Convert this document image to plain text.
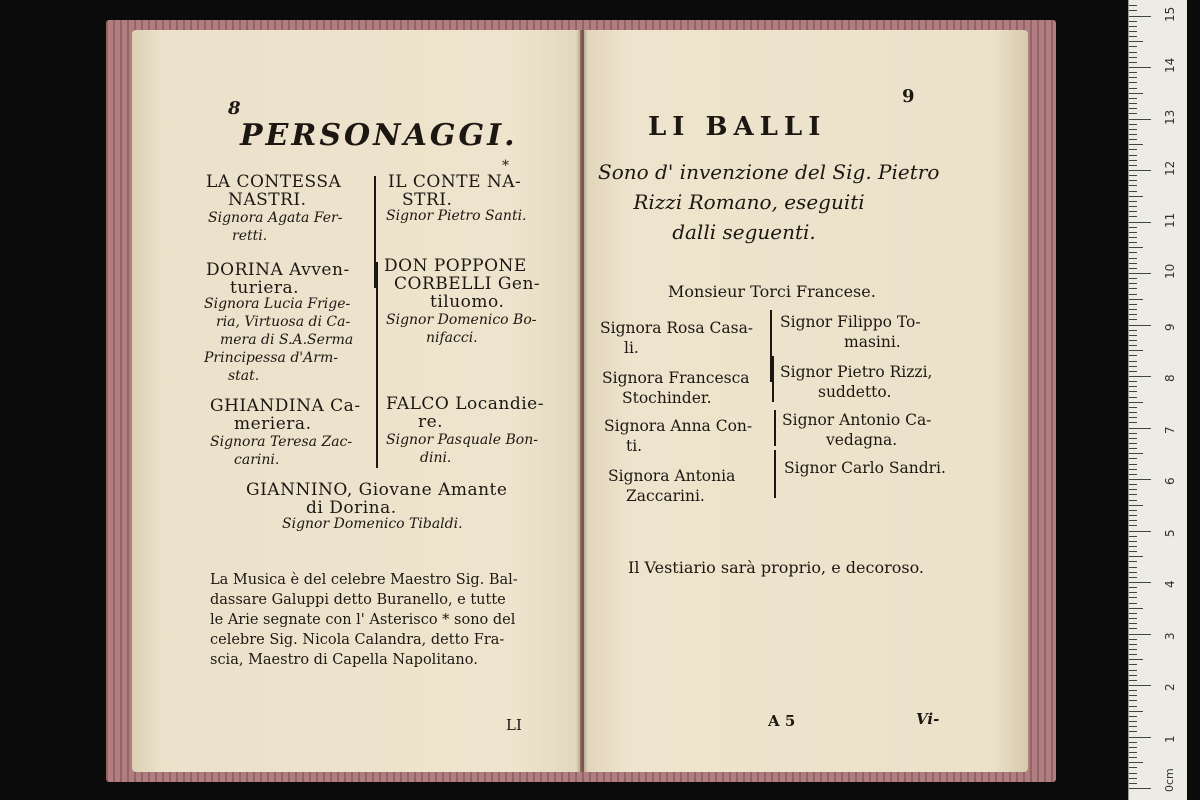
8
PERSONAGGI.
LA CONTESSA
NASTRI.
Signora Agata Fer-
retti.
*
IL CONTE NA-
STRI.
Signor Pietro Santi.
DORINA Avven-
turiera.
Signora Lucia Frige-
ria, Virtuosa di Ca-
mera di S.A.Serma
Principessa d'Arm-
stat.
DON POPPONE
CORBELLI Gen-
tiluomo.
Signor Domenico Bo-
nifacci.
GHIANDINA Ca-
meriera.
Signora Teresa Zac-
carini.
FALCO Locandie-
re.
Signor Pasquale Bon-
dini.
GIANNINO, Giovane Amante
di Dorina.
Signor Domenico Tibaldi.
La Musica è del celebre Maestro Sig. Bal-
dassare Galuppi detto Buranello, e tutte
le Arie segnate con l' Asterisco * sono del
celebre Sig. Nicola Calandra, detto Fra-
scia, Maestro di Capella Napolitano.
LI
9
LI BALLI
Sono d' invenzione del Sig. Pietro
Rizzi Romano, eseguiti
dalli seguenti.
Monsieur Torci Francese.
Signora Rosa Casa-
li.
Signora Francesca
Stochinder.
Signora Anna Con-
ti.
Signora Antonia
Zaccarini.
Signor Filippo To-
masini.
Signor Pietro Rizzi,
suddetto.
Signor Antonio Ca-
vedagna.
Signor Carlo Sandri.
Il Vestiario sarà proprio, e decoroso.
A 5	Vi-
0cm
1
2
3
4
5
6
7
8
9
10
11
12
13
14
15
